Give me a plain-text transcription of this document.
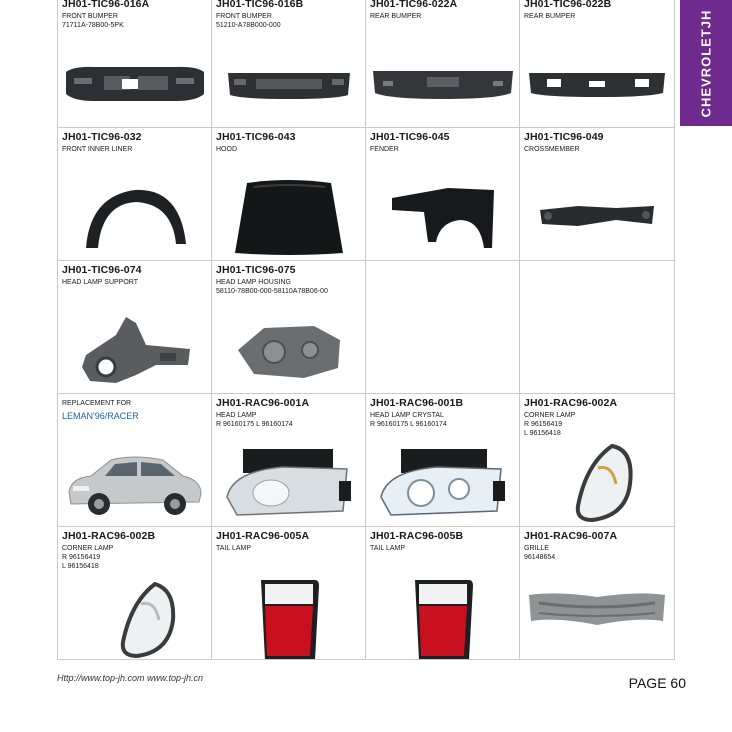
CHEVROLETJH
JH01-TIC96-016A
FRONT BUMPER
71711A-78B00-5PK
JH01-TIC96-016B
FRONT BUMPER
51210-A78B000-000
JH01-TIC96-022A
REAR BUMPER
JH01-TIC96-022B
REAR BUMPER
JH01-TIC96-032
FRONT INNER LINER
JH01-TIC96-043
HOOD
JH01-TIC96-045
FENDER
JH01-TIC96-049
CROSSMEMBER
JH01-TIC96-074
HEAD LAMP SUPPORT
JH01-TIC96-075
HEAD LAMP HOUSING
58110-78B00-000-58110A78B06-00
REPLACEMENT FOR
LEMAN'96/RACER
JH01-RAC96-001A
HEAD LAMP
R 96160175 L 96160174
JH01-RAC96-001B
HEAD LAMP CRYSTAL
R 96160175 L 96160174
JH01-RAC96-002A
CORNER LAMP
R 96156419
L 96156418
JH01-RAC96-002B
CORNER LAMP
R 96156419
L 96156418
JH01-RAC96-005A
TAIL LAMP
JH01-RAC96-005B
TAIL LAMP
JH01-RAC96-007A
GRILLE
96148654
Http://www.top-jh.com www.top-jh.cn	PAGE 60
